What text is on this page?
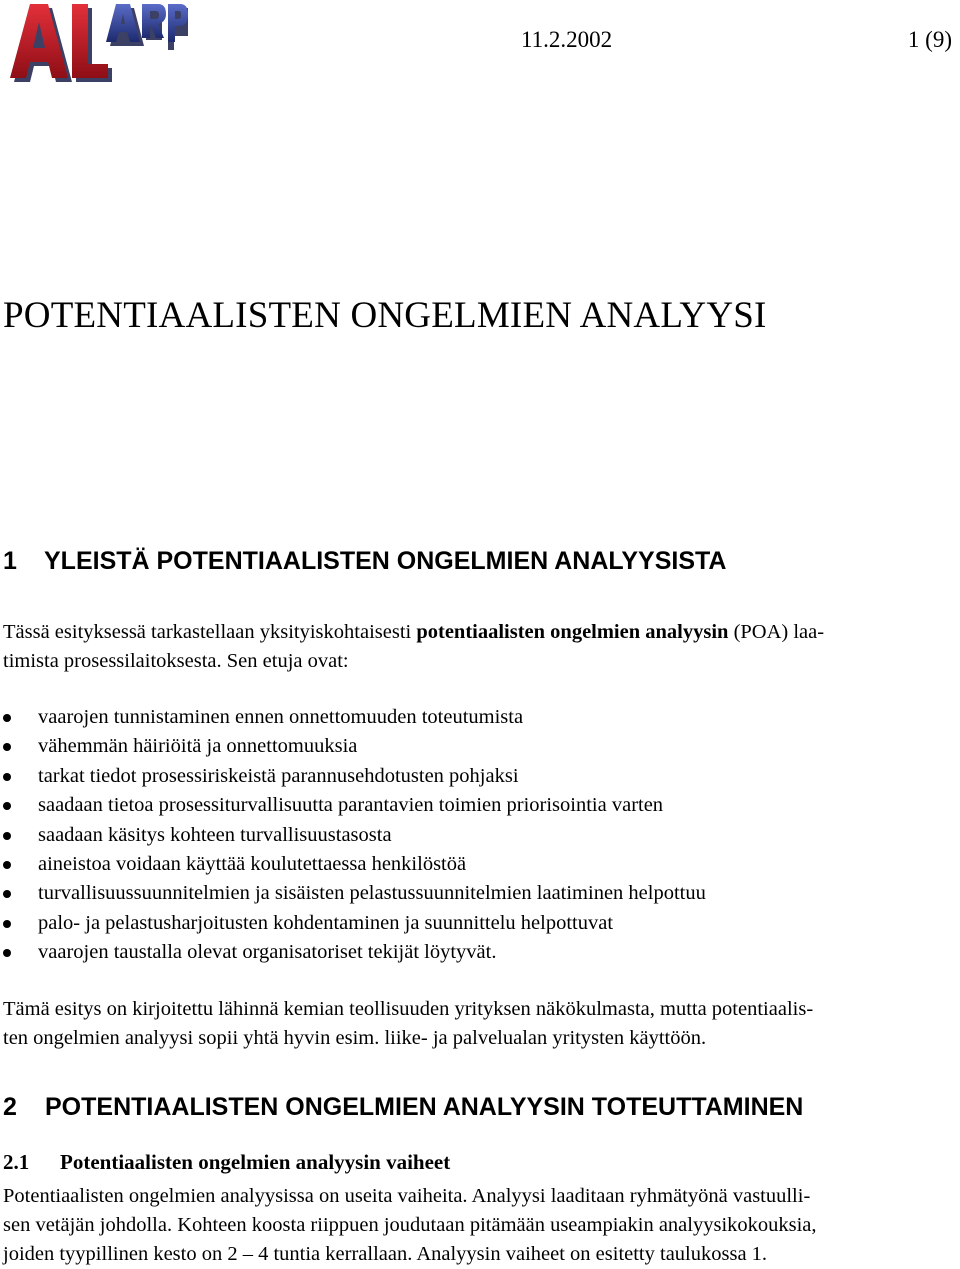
11.2.2002	1 (9)
POTENTIAALISTEN ONGELMIEN ANALYYSI
1 YLEISTÄ POTENTIAALISTEN ONGELMIEN ANALYYSISTA

Tässä esityksessä tarkastellaan yksityiskohtaisesti potentiaalisten ongelmien analyysin (POA) laa-
timista prosessilaitoksesta. Sen etuja ovat:

vaarojen tunnistaminen ennen onnettomuuden toteutumista
vähemmän häiriöitä ja onnettomuuksia
tarkat tiedot prosessiriskeistä parannusehdotusten pohjaksi
saadaan tietoa prosessiturvallisuutta parantavien toimien priorisointia varten
saadaan käsitys kohteen turvallisuustasosta
aineistoa voidaan käyttää koulutettaessa henkilöstöä
turvallisuussuunnitelmien ja sisäisten pelastussuunnitelmien laatiminen helpottuu
palo- ja pelastusharjoitusten kohdentaminen ja suunnittelu helpottuvat
vaarojen taustalla olevat organisatoriset tekijät löytyvät.

Tämä esitys on kirjoitettu lähinnä kemian teollisuuden yrityksen näkökulmasta, mutta potentiaalis-
ten ongelmien analyysi sopii yhtä hyvin esim. liike- ja palvelualan yritysten käyttöön.

2 POTENTIAALISTEN ONGELMIEN ANALYYSIN TOTEUTTAMINEN
2.1 Potentiaalisten ongelmien analyysin vaiheet

Potentiaalisten ongelmien analyysissa on useita vaiheita. Analyysi laaditaan ryhmätyönä vastuulli-
sen vetäjän johdolla. Kohteen koosta riippuen joudutaan pitämään useampiakin analyysikokouksia,
joiden tyypillinen kesto on 2 – 4 tuntia kerrallaan. Analyysin vaiheet on esitetty taulukossa 1.
